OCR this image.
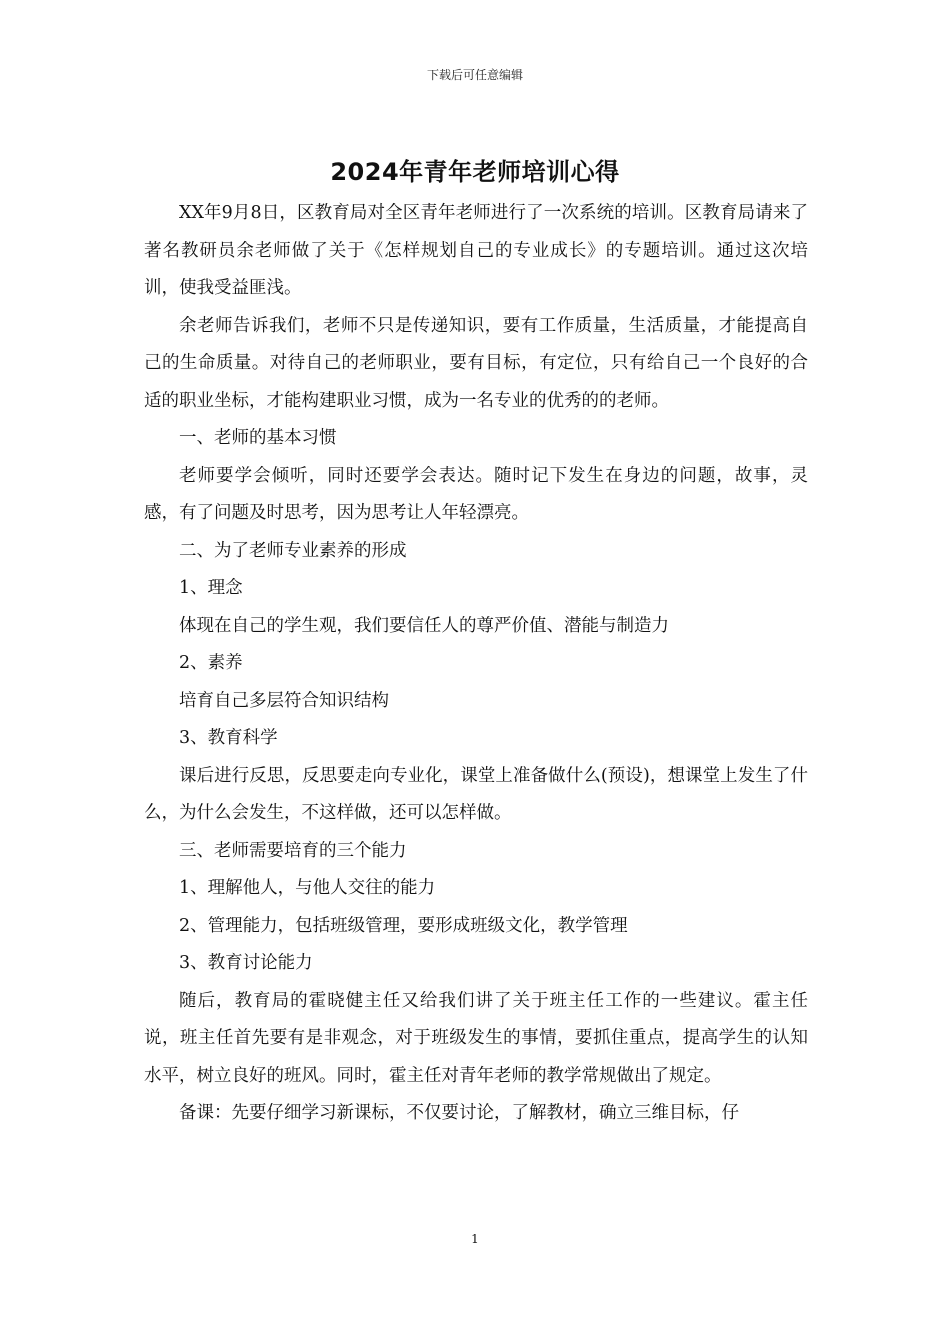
下载后可任意编辑
2024年青年老师培训心得

XX年9月8日，区教育局对全区青年老师进行了一次系统的培训。区教育局请来了著名教研员余老师做了关于《怎样规划自己的专业成长》的专题培训。通过这次培训，使我受益匪浅。

余老师告诉我们，老师不只是传递知识，要有工作质量，生活质量，才能提高自己的生命质量。对待自己的老师职业，要有目标，有定位，只有给自己一个良好的合适的职业坐标，才能构建职业习惯，成为一名专业的优秀的的老师。

一、老师的基本习惯

老师要学会倾听，同时还要学会表达。随时记下发生在身边的问题，故事，灵感，有了问题及时思考，因为思考让人年轻漂亮。

二、为了老师专业素养的形成

1、理念

体现在自己的学生观，我们要信任人的尊严价值、潜能与制造力

2、素养

培育自己多层符合知识结构

3、教育科学

课后进行反思，反思要走向专业化，课堂上准备做什么(预设)，想课堂上发生了什么，为什么会发生，不这样做，还可以怎样做。

三、老师需要培育的三个能力

1、理解他人，与他人交往的能力

2、管理能力，包括班级管理，要形成班级文化，教学管理

3、教育讨论能力

随后，教育局的霍晓健主任又给我们讲了关于班主任工作的一些建议。霍主任说，班主任首先要有是非观念，对于班级发生的事情，要抓住重点，提高学生的认知水平，树立良好的班风。同时，霍主任对青年老师的教学常规做出了规定。

备课：先要仔细学习新课标，不仅要讨论，了解教材，确立三维目标，仔

1
